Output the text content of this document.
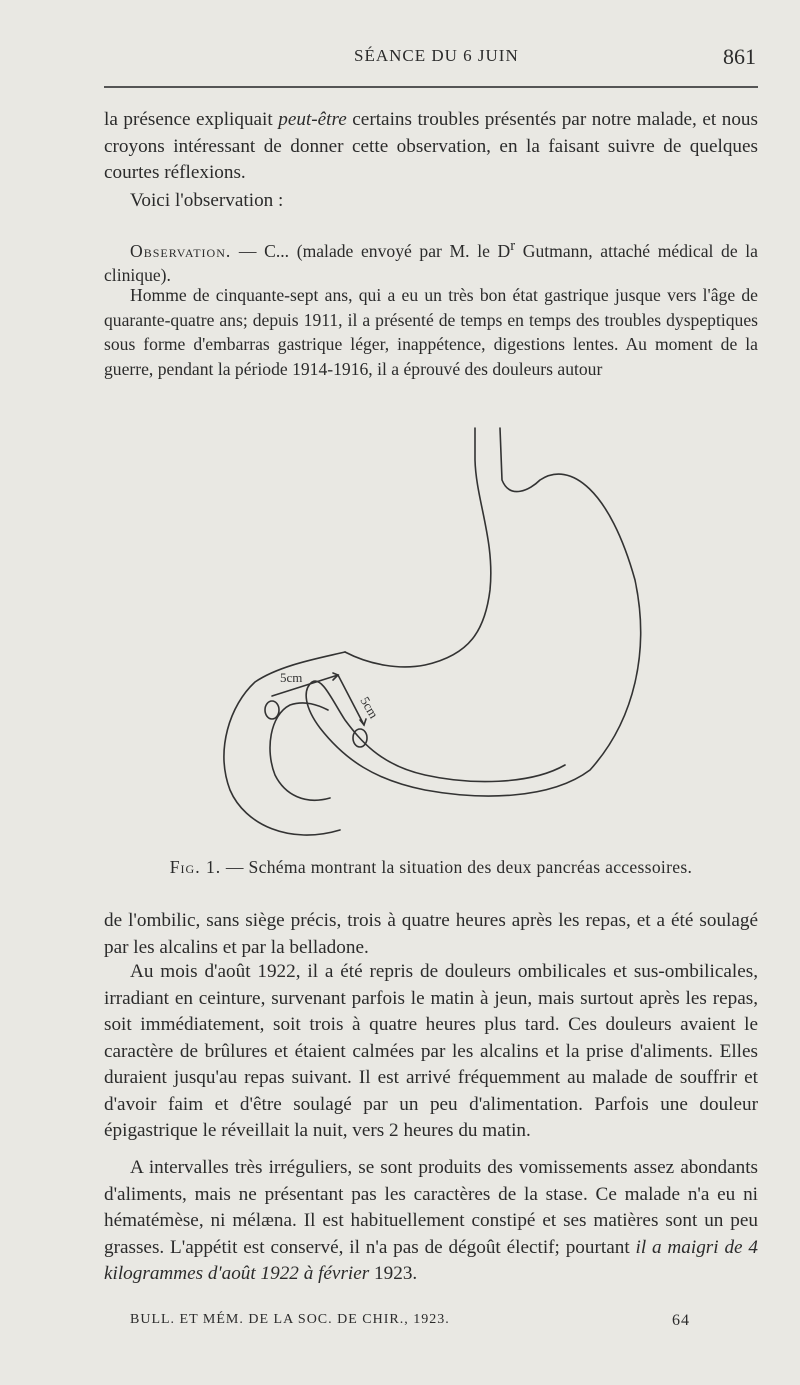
SÉANCE DU 6 JUIN	861
la présence expliquait peut-être certains troubles présentés par notre malade, et nous croyons intéressant de donner cette observation, en la faisant suivre de quelques courtes réflexions.
Voici l'observation :
Observation. — C... (malade envoyé par M. le $D^r$ Gutmann, attaché médical de la clinique).
Homme de cinquante-sept ans, qui a eu un très bon état gastrique jusque vers l'âge de quarante-quatre ans; depuis 1911, il a présenté de temps en temps des troubles dyspeptiques sous forme d'embarras gastrique léger, inappétence, digestions lentes. Au moment de la guerre, pendant la période 1914-1916, il a éprouvé des douleurs autour
5cm
5cm
Fig. 1. — Schéma montrant la situation des deux pancréas accessoires.
de l'ombilic, sans siège précis, trois à quatre heures après les repas, et a été soulagé par les alcalins et par la belladone.
Au mois d'août 1922, il a été repris de douleurs ombilicales et sus-ombilicales, irradiant en ceinture, survenant parfois le matin à jeun, mais surtout après les repas, soit immédiatement, soit trois à quatre heures plus tard. Ces douleurs avaient le caractère de brûlures et étaient calmées par les alcalins et la prise d'aliments. Elles duraient jusqu'au repas suivant. Il est arrivé fréquemment au malade de souffrir et d'avoir faim et d'être soulagé par un peu d'alimentation. Parfois une douleur épigastrique le réveillait la nuit, vers 2 heures du matin.
A intervalles très irréguliers, se sont produits des vomissements assez abondants d'aliments, mais ne présentant pas les caractères de la stase. Ce malade n'a eu ni hématémèse, ni mélæna. Il est habituellement constipé et ses matières sont un peu grasses. L'appétit est conservé, il n'a pas de dégoût électif; pourtant il a maigri de 4 kilogrammes d'août 1922 à février 1923.
BULL. ET MÉM. DE LA SOC. DE CHIR., 1923.	64
